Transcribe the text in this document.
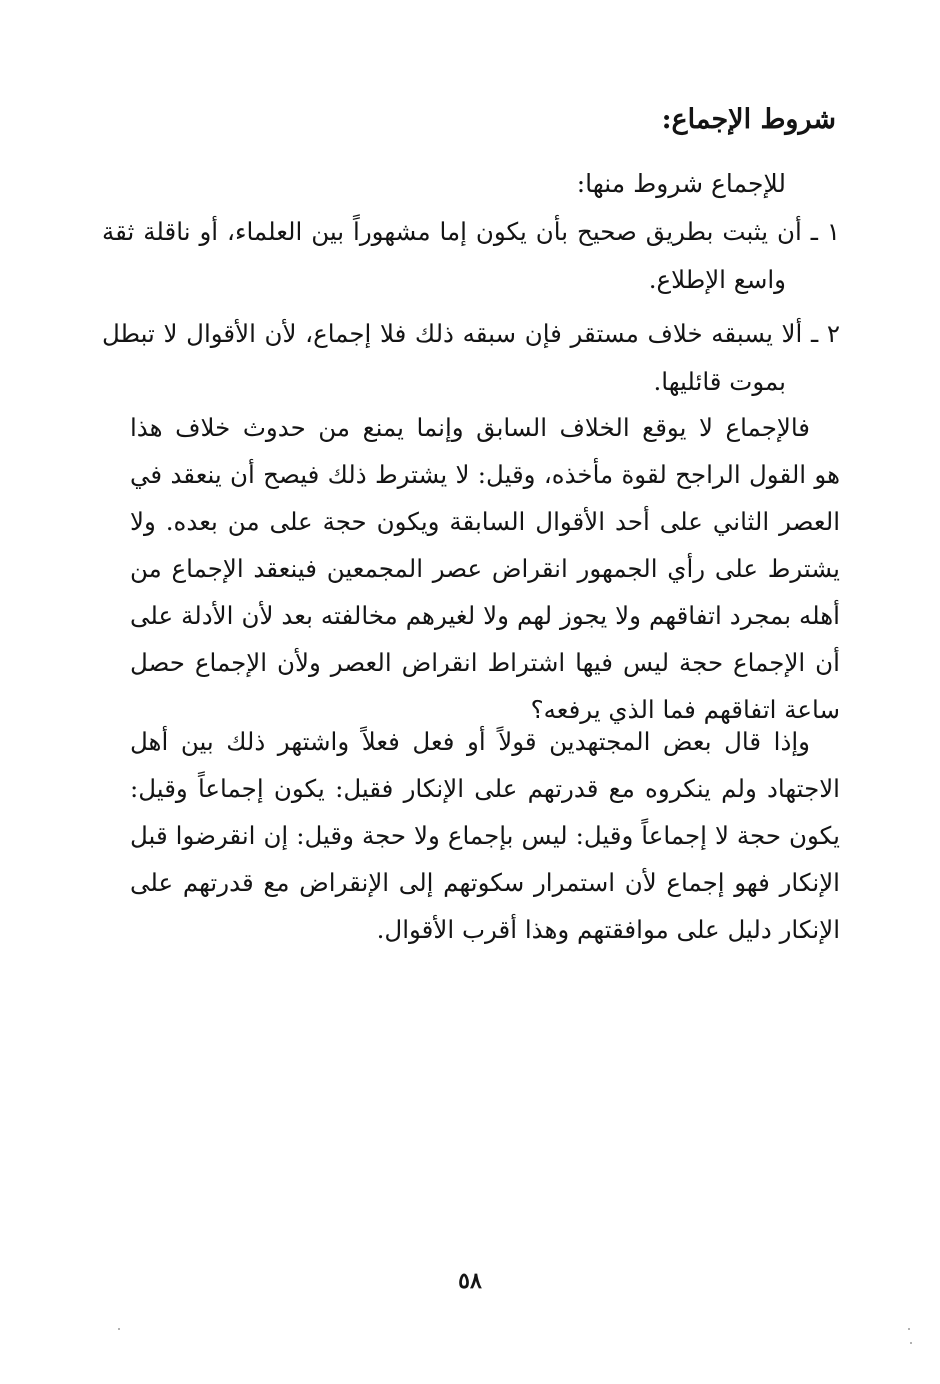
شروط الإجماع:

للإجماع شروط منها:

١ ـ أن يثبت بطريق صحيح بأن يكون إما مشهوراً بين العلماء، أو ناقلة ثقة
واسع الإطلاع.
٢ ـ ألا يسبقه خلاف مستقر فإن سبقه ذلك فلا إجماع، لأن الأقوال لا تبطل
بموت قائليها.
فالإجماع لا يوقع الخلاف السابق وإنما يمنع من حدوث خلاف هذا
هو القول الراجح لقوة مأخذه، وقيل: لا يشترط ذلك فيصح أن ينعقد في
العصر الثاني على أحد الأقوال السابقة ويكون حجة على من بعده. ولا
يشترط على رأي الجمهور انقراض عصر المجمعين فينعقد الإجماع من
أهله بمجرد اتفاقهم ولا يجوز لهم ولا لغيرهم مخالفته بعد لأن الأدلة على
أن الإجماع حجة ليس فيها اشتراط انقراض العصر ولأن الإجماع حصل
ساعة اتفاقهم فما الذي يرفعه؟
وإذا قال بعض المجتهدين قولاً أو فعل فعلاً واشتهر ذلك بين أهل
الاجتهاد ولم ينكروه مع قدرتهم على الإنكار فقيل: يكون إجماعاً وقيل:
يكون حجة لا إجماعاً وقيل: ليس بإجماع ولا حجة وقيل: إن انقرضوا قبل
الإنكار فهو إجماع لأن استمرار سكوتهم إلى الإنقراض مع قدرتهم على
الإنكار دليل على موافقتهم وهذا أقرب الأقوال.

٥٨
